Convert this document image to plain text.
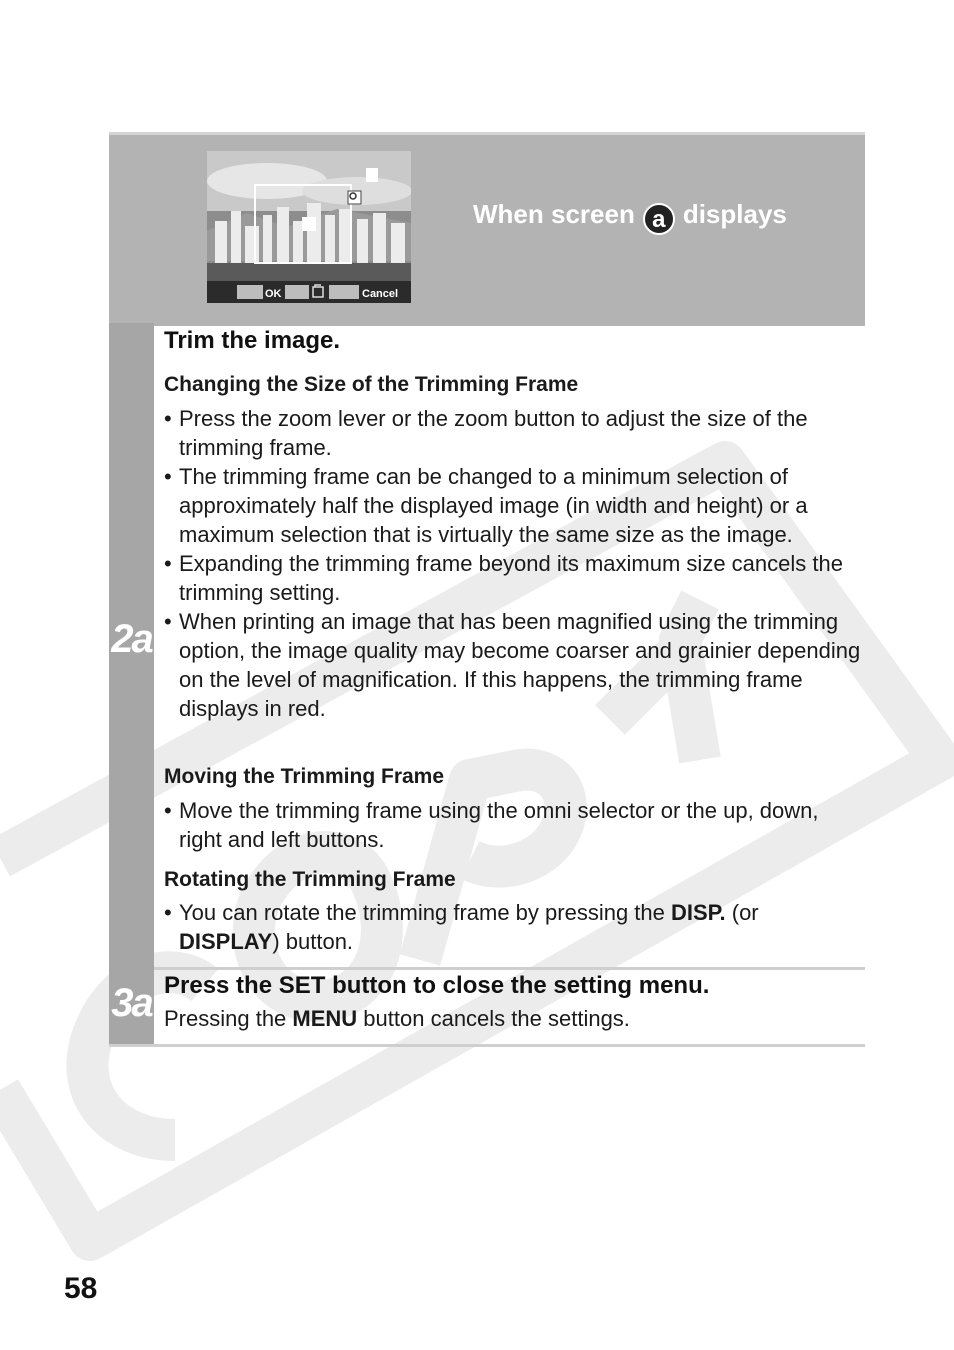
OK	Cancel
When screen a displays
2a
Trim the image.
Changing the Size of the Trimming Frame
• Press the zoom lever or the zoom button to adjust the size of the trimming frame.
• The trimming frame can be changed to a minimum selection of approximately half the displayed image (in width and height) or a maximum selection that is virtually the same size as the image.
• Expanding the trimming frame beyond its maximum size cancels the trimming setting.
• When printing an image that has been magnified using the trimming option, the image quality may become coarser and grainier depending on the level of magnification. If this happens, the trimming frame displays in red.
Moving the Trimming Frame
• Move the trimming frame using the omni selector or the up, down, right and left buttons.
Rotating the Trimming Frame
• You can rotate the trimming frame by pressing the DISP. (or DISPLAY) button.
3a Press the SET button to close the setting menu.
Pressing the MENU button cancels the settings.
58
